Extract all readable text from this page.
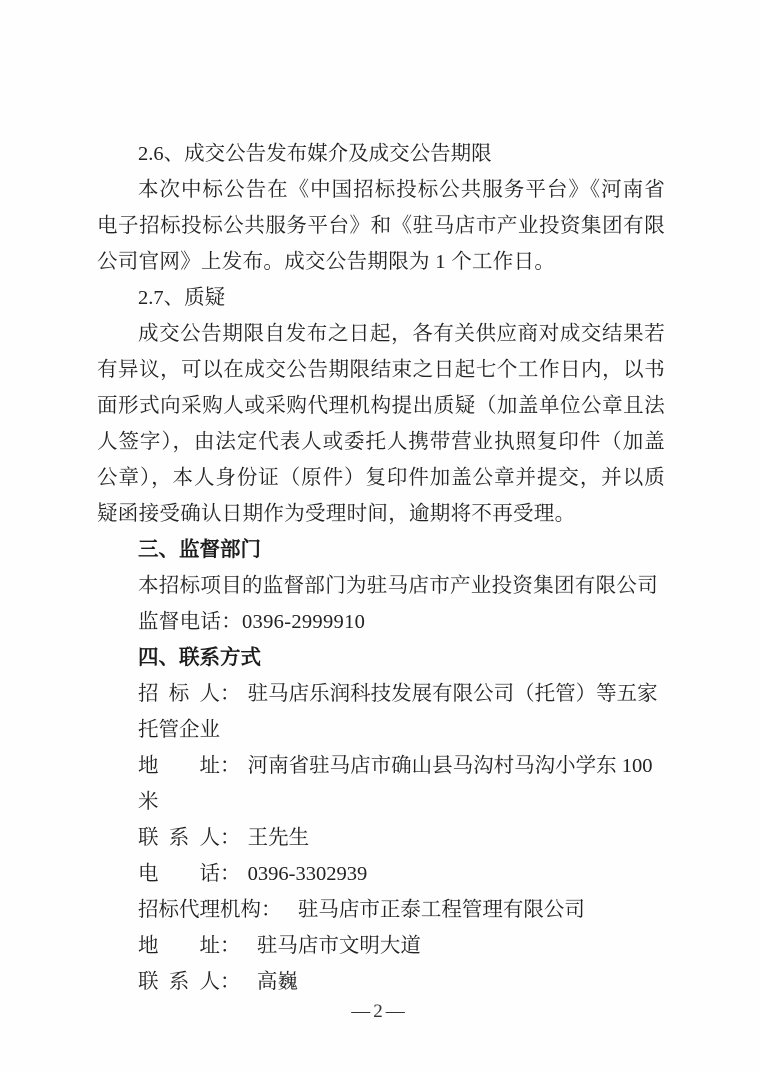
2.6、成交公告发布媒介及成交公告期限

本次中标公告在《中国招标投标公共服务平台》《河南省电子招标投标公共服务平台》和《驻马店市产业投资集团有限公司官网》上发布。成交公告期限为 1 个工作日。

2.7、质疑

成交公告期限自发布之日起，各有关供应商对成交结果若有异议，可以在成交公告期限结束之日起七个工作日内，以书面形式向采购人或采购代理机构提出质疑（加盖单位公章且法人签字），由法定代表人或委托人携带营业执照复印件（加盖公章），本人身份证（原件）复印件加盖公章并提交，并以质疑函接受确认日期作为受理时间，逾期将不再受理。

三、监督部门
本招标项目的监督部门为驻马店市产业投资集团有限公司
监督电话：0396-2999910
四、联系方式
招标人： 驻马店乐润科技发展有限公司（托管）等五家托管企业
地址： 河南省驻马店市确山县马沟村马沟小学东 100 米
联系人： 王先生
电话： 0396-3302939
招标代理机构： 驻马店市正泰工程管理有限公司
地址： 驻马店市文明大道
联系人： 高巍
—2—
